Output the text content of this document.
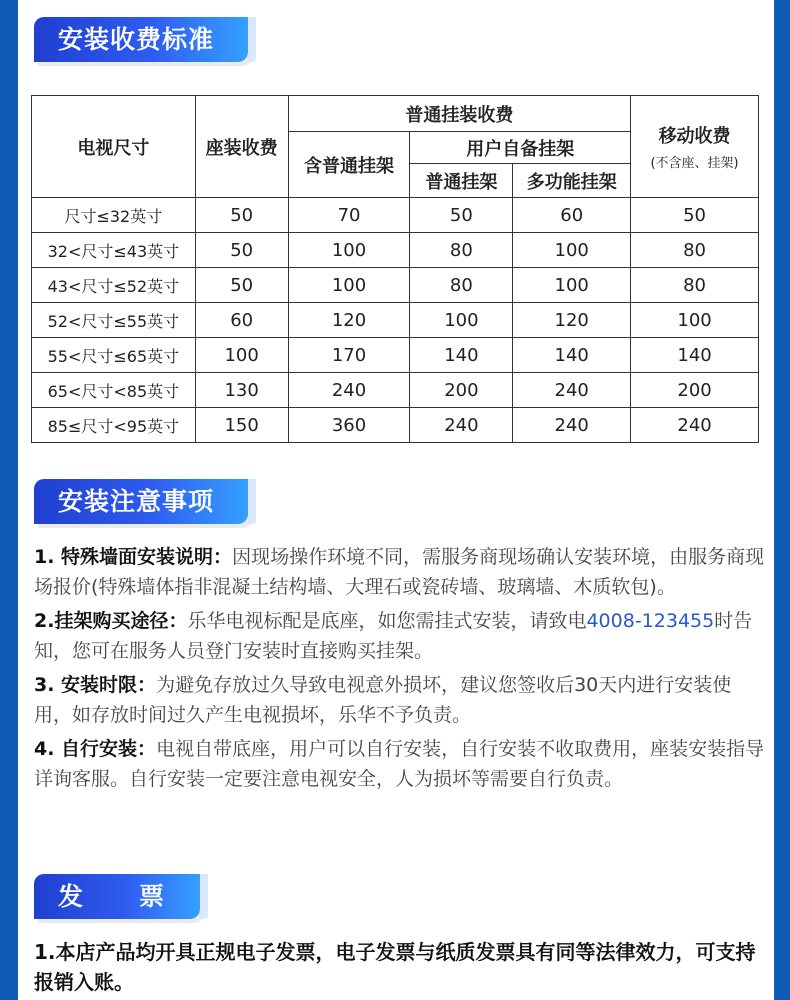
安装收费标准
电视尺寸	座装收费	普通挂装收费			移动收费
(不含座、挂架)

		含普通挂架	用户自备挂架		
			普通挂架	多功能挂架	
尺寸≤32英寸	50	70	50	60	50
32<尺寸≤43英寸	50	100	80	100	80
43<尺寸≤52英寸	50	100	80	100	80
52<尺寸≤55英寸	60	120	100	120	100
55<尺寸≤65英寸	100	170	140	140	140
65<尺寸<85英寸	130	240	200	240	200
85≤尺寸<95英寸	150	360	240	240	240
安装注意事项

1. 特殊墙面安装说明：因现场操作环境不同，需服务商现场确认安装环境，由服务商现场报价(特殊墙体指非混凝土结构墙、大理石或瓷砖墙、玻璃墙、木质软包)。

2.挂架购买途径：乐华电视标配是底座，如您需挂式安装，请致电4008-123455时告知，您可在服务人员登门安装时直接购买挂架。

3. 安装时限：为避免存放过久导致电视意外损坏，建议您签收后30天内进行安装使用，如存放时间过久产生电视损坏，乐华不予负责。

4. 自行安装：电视自带底座，用户可以自行安装，自行安装不收取费用，座装安装指导详询客服。自行安装一定要注意电视安全，人为损坏等需要自行负责。

发 票
1.本店产品均开具正规电子发票，电子发票与纸质发票具有同等法律效力，可支持报销入账。
